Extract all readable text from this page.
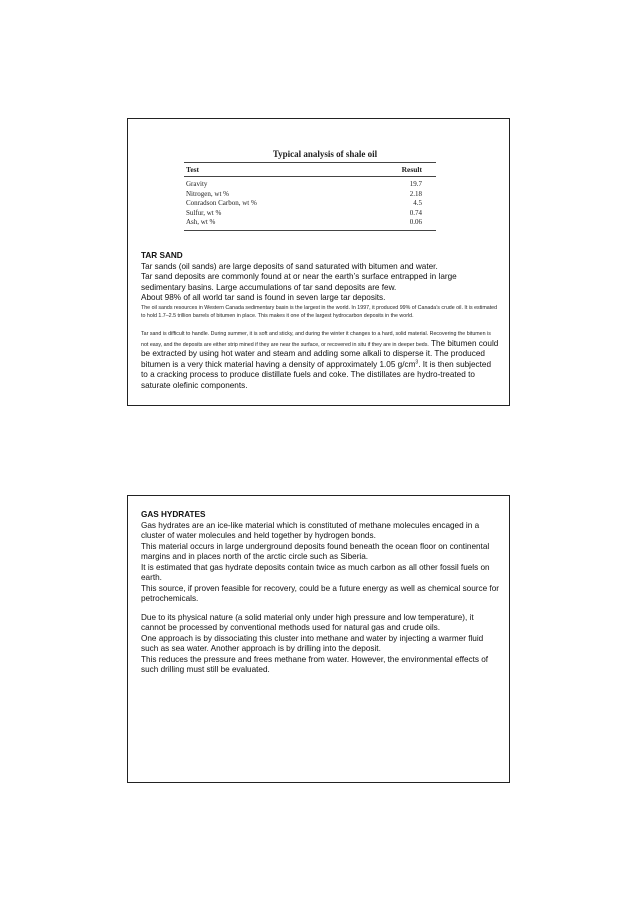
Typical analysis of shale oil
Test	Result
Gravity	19.7
Nitrogen, wt %	2.18
Conradson Carbon, wt %	4.5
Sulfur, wt %	0.74
Ash, wt %	0.06

TAR SAND

Tar sands (oil sands) are large deposits of sand saturated with bitumen and water.

Tar sand deposits are commonly found at or near the earth’s surface entrapped in large sedimentary basins. Large accumulations of tar sand deposits are few.

About 98% of all world tar sand is found in seven large tar deposits.

The oil sands resources in Western Canada sedimentary basin is the largest in the world. In 1997, it produced 99% of Canada’s crude oil. It is estimated to hold 1.7–2.5 trillion barrels of bitumen in place. This makes it one of the largest hydrocarbon deposits in the world.

Tar sand is difficult to handle. During summer, it is soft and sticky, and during the winter it changes to a hard, solid material. Recovering the bitumen is not easy, and the deposits are either strip mined if they are near the surface, or recovered in situ if they are in deeper beds. The bitumen could be extracted by using hot water and steam and adding some alkali to disperse it. The produced bitumen is a very thick material having a density of approximately 1.05 $g/cm^3$. It is then subjected to a cracking process to produce distillate fuels and coke. The distillates are hydro-treated to saturate olefinic components.

GAS HYDRATES

Gas hydrates are an ice-like material which is constituted of methane molecules encaged in a cluster of water molecules and held together by hydrogen bonds.

This material occurs in large underground deposits found beneath the ocean floor on continental margins and in places north of the arctic circle such as Siberia.

It is estimated that gas hydrate deposits contain twice as much carbon as all other fossil fuels on earth.

This source, if proven feasible for recovery, could be a future energy as well as chemical source for petrochemicals.

Due to its physical nature (a solid material only under high pressure and low temperature), it cannot be processed by conventional methods used for natural gas and crude oils.

One approach is by dissociating this cluster into methane and water by injecting a warmer fluid such as sea water. Another approach is by drilling into the deposit.

This reduces the pressure and frees methane from water. However, the environmental effects of such drilling must still be evaluated.
